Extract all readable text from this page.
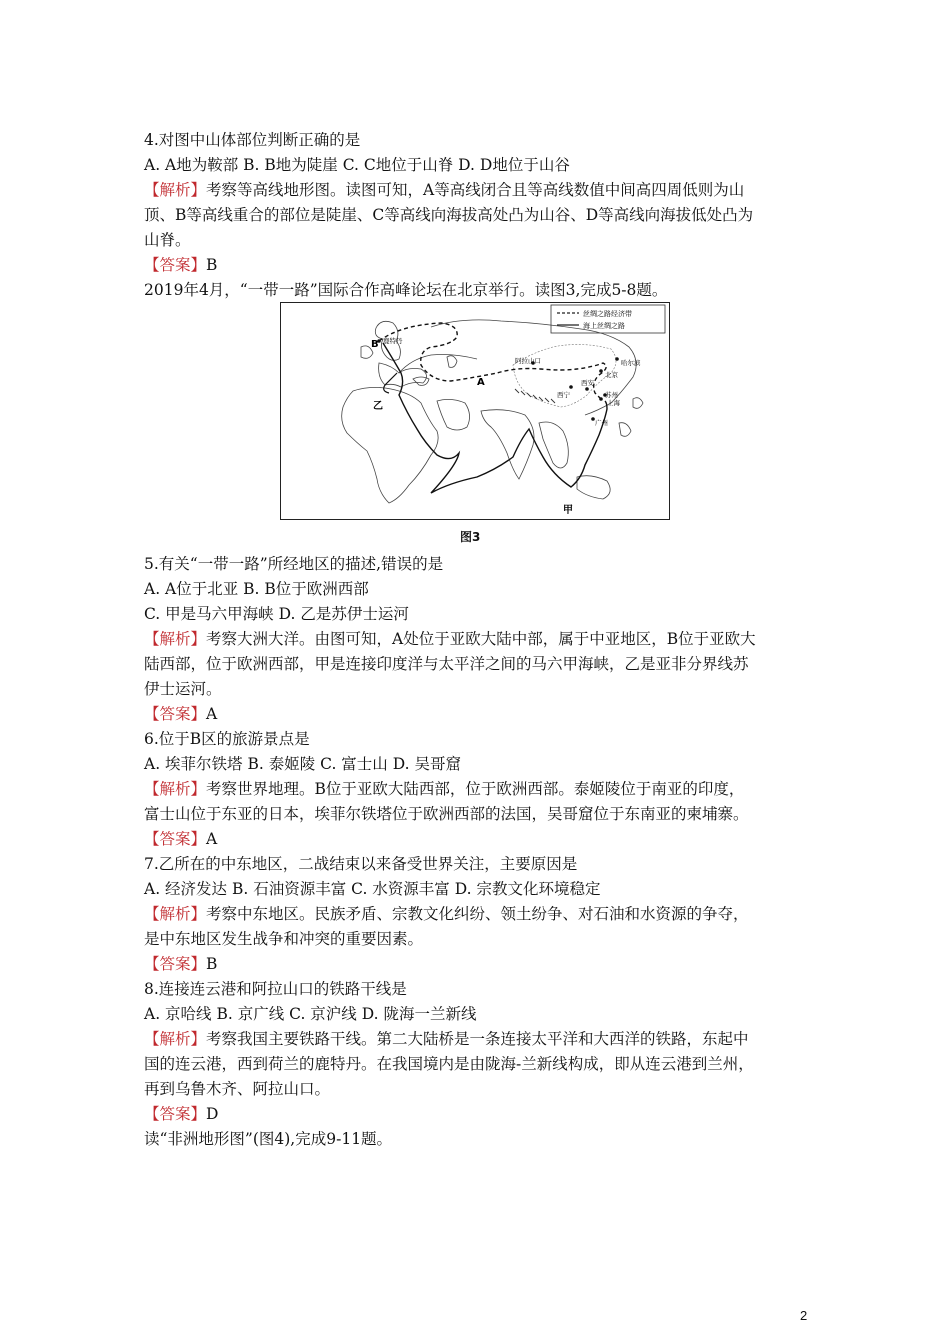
4.对图中山体部位判断正确的是
A. A地为鞍部 B. B地为陡崖 C. C地位于山脊 D. D地位于山谷
【解析】考察等高线地形图。读图可知，A等高线闭合且等高线数值中间高四周低则为山
顶、B等高线重合的部位是陡崖、C等高线向海拔高处凸为山谷、D等高线向海拔低处凸为
山脊。
【答案】B
2019年4月，“一带一路”国际合作高峰论坛在北京举行。读图3,完成5-8题。
丝绸之路经济带
海上丝绸之路
B 鹿特丹
A
阿拉山口	哈尔滨
北京
西宁
西安
上海
苏州
广州
乙
甲
图3
5.有关“一带一路”所经地区的描述,错误的是
A. A位于北亚 B. B位于欧洲西部
C. 甲是马六甲海峡 D. 乙是苏伊士运河
【解析】考察大洲大洋。由图可知，A处位于亚欧大陆中部，属于中亚地区，B位于亚欧大
陆西部，位于欧洲西部，甲是连接印度洋与太平洋之间的马六甲海峡，乙是亚非分界线苏
伊士运河。
【答案】A
6.位于B区的旅游景点是
A. 埃菲尔铁塔 B. 泰姬陵 C. 富士山 D. 吴哥窟
【解析】考察世界地理。B位于亚欧大陆西部，位于欧洲西部。泰姬陵位于南亚的印度，
富士山位于东亚的日本，埃菲尔铁塔位于欧洲西部的法国，吴哥窟位于东南亚的柬埔寨。
【答案】A
7.乙所在的中东地区，二战结束以来备受世界关注，主要原因是
A. 经济发达 B. 石油资源丰富 C. 水资源丰富 D. 宗教文化环境稳定
【解析】考察中东地区。民族矛盾、宗教文化纠纷、领土纷争、对石油和水资源的争夺，
是中东地区发生战争和冲突的重要因素。
【答案】B
8.连接连云港和阿拉山口的铁路干线是
A. 京哈线 B. 京广线 C. 京沪线 D. 陇海一兰新线
【解析】考察我国主要铁路干线。第二大陆桥是一条连接太平洋和大西洋的铁路，东起中
国的连云港，西到荷兰的鹿特丹。在我国境内是由陇海-兰新线构成，即从连云港到兰州，
再到乌鲁木齐、阿拉山口。
【答案】D
读“非洲地形图”(图4),完成9-11题。
2
